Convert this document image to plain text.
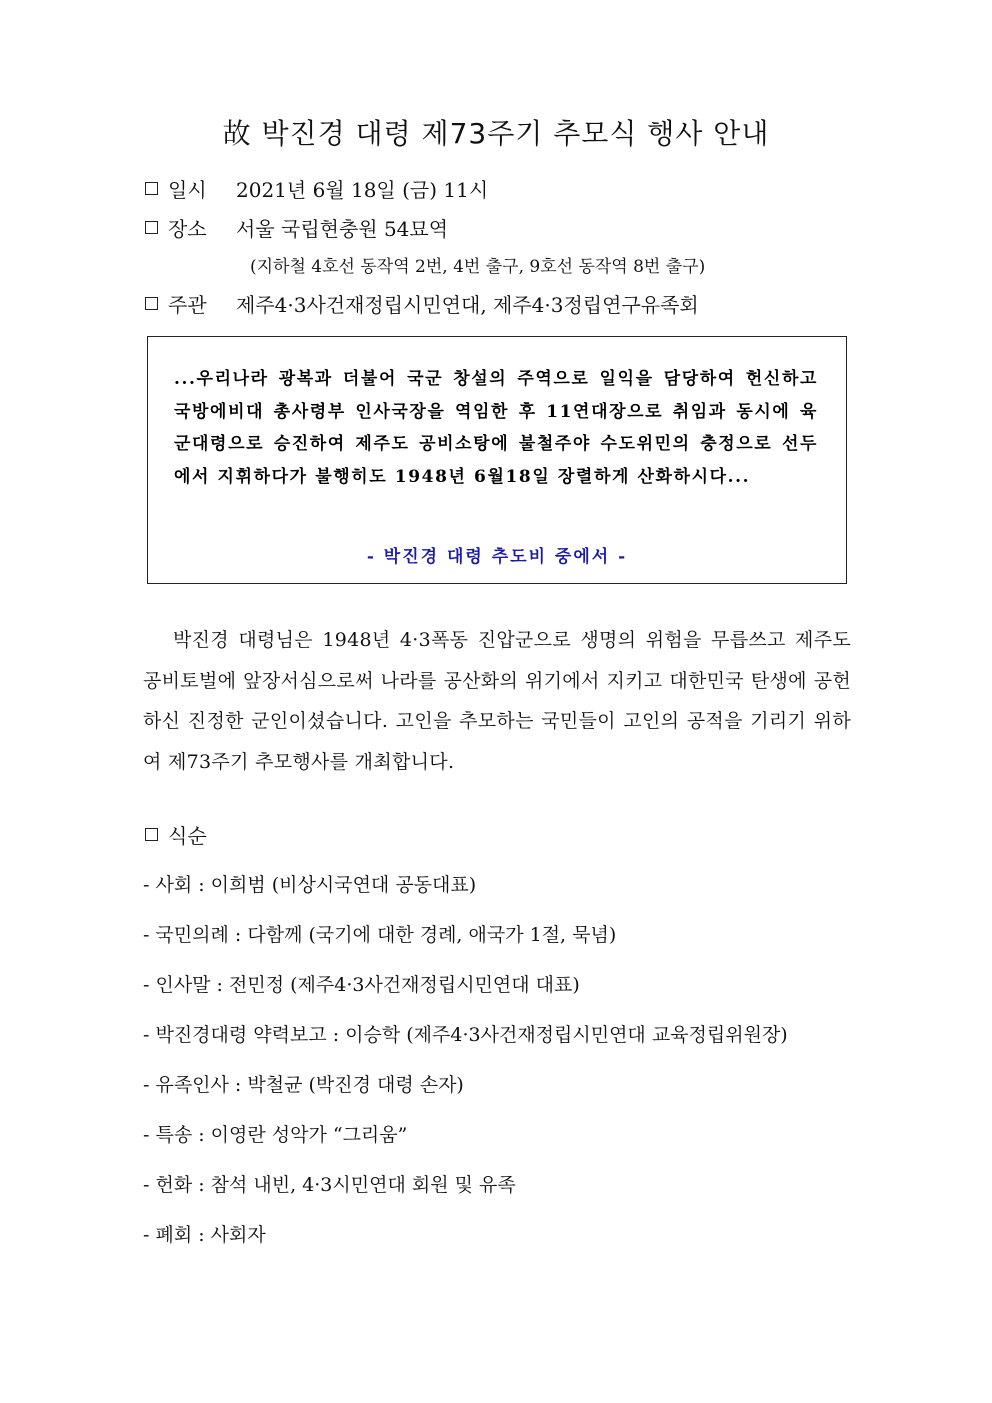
故 박진경 대령 제73주기 추모식 행사 안내
일시	2021년 6월 18일 (금) 11시
장소	서울 국립현충원 54묘역
(지하철 4호선 동작역 2번, 4번 출구, 9호선 동작역 8번 출구)
주관	제주4·3사건재정립시민연대, 제주4·3정립연구유족회
...우리나라 광복과 더불어 국군 창설의 주역으로 일익을 담당하여 헌신하고 국방에비대 총사령부 인사국장을 역임한 후 11연대장으로 취임과 동시에 육군대령으로 승진하여 제주도 공비소탕에 불철주야 수도위민의 충정으로 선두에서 지휘하다가 불행히도 1948년 6월18일 장렬하게 산화하시다...
- 박진경 대령 추도비 중에서 -
박진경 대령님은 1948년 4·3폭동 진압군으로 생명의 위험을 무릅쓰고 제주도 공비토벌에 앞장서심으로써 나라를 공산화의 위기에서 지키고 대한민국 탄생에 공헌하신 진정한 군인이셨습니다. 고인을 추모하는 국민들이 고인의 공적을 기리기 위하여 제73주기 추모행사를 개최합니다.
식순
- 사회 : 이희범 (비상시국연대 공동대표)
- 국민의례 : 다함께 (국기에 대한 경례, 애국가 1절, 묵념)
- 인사말 : 전민정 (제주4·3사건재정립시민연대 대표)
- 박진경대령 약력보고 : 이승학 (제주4·3사건재정립시민연대 교육정립위원장)
- 유족인사 : 박철균 (박진경 대령 손자)
- 특송 : 이영란 성악가 “그리움”
- 헌화 : 참석 내빈, 4·3시민연대 회원 및 유족
- 폐회 : 사회자
